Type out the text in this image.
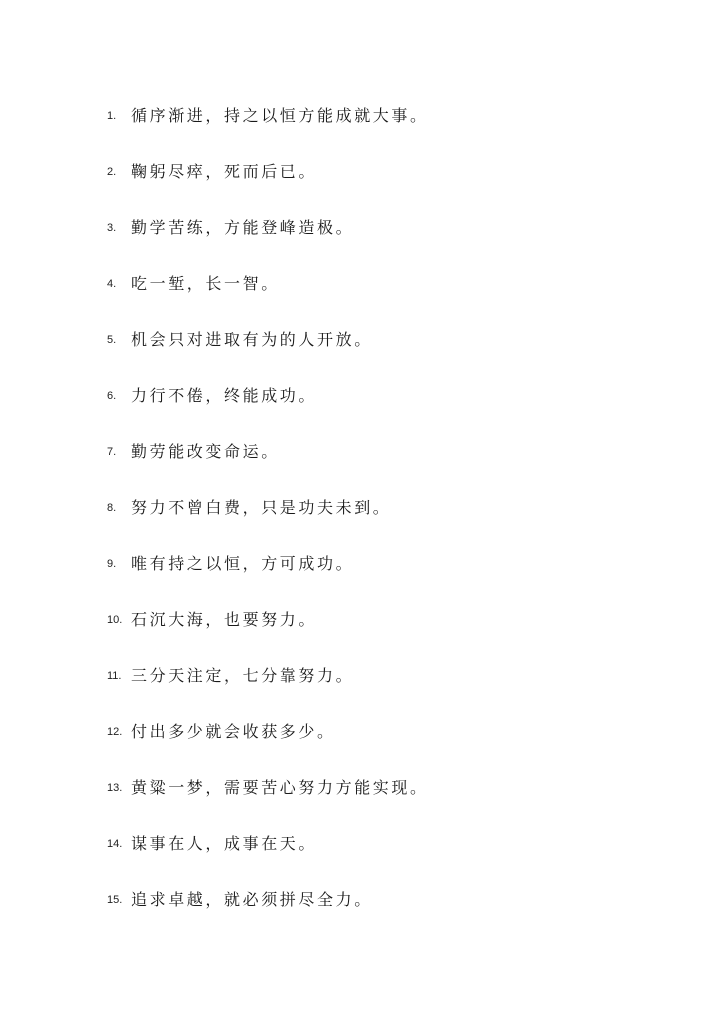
1. 循序渐进，持之以恒方能成就大事。
2. 鞠躬尽瘁，死而后已。
3. 勤学苦练，方能登峰造极。
4. 吃一堑，长一智。
5. 机会只对进取有为的人开放。
6. 力行不倦，终能成功。
7. 勤劳能改变命运。
8. 努力不曾白费，只是功夫未到。
9. 唯有持之以恒，方可成功。
10. 石沉大海，也要努力。
11. 三分天注定，七分靠努力。
12. 付出多少就会收获多少。
13. 黄粱一梦，需要苦心努力方能实现。
14. 谋事在人，成事在天。
15. 追求卓越，就必须拼尽全力。
